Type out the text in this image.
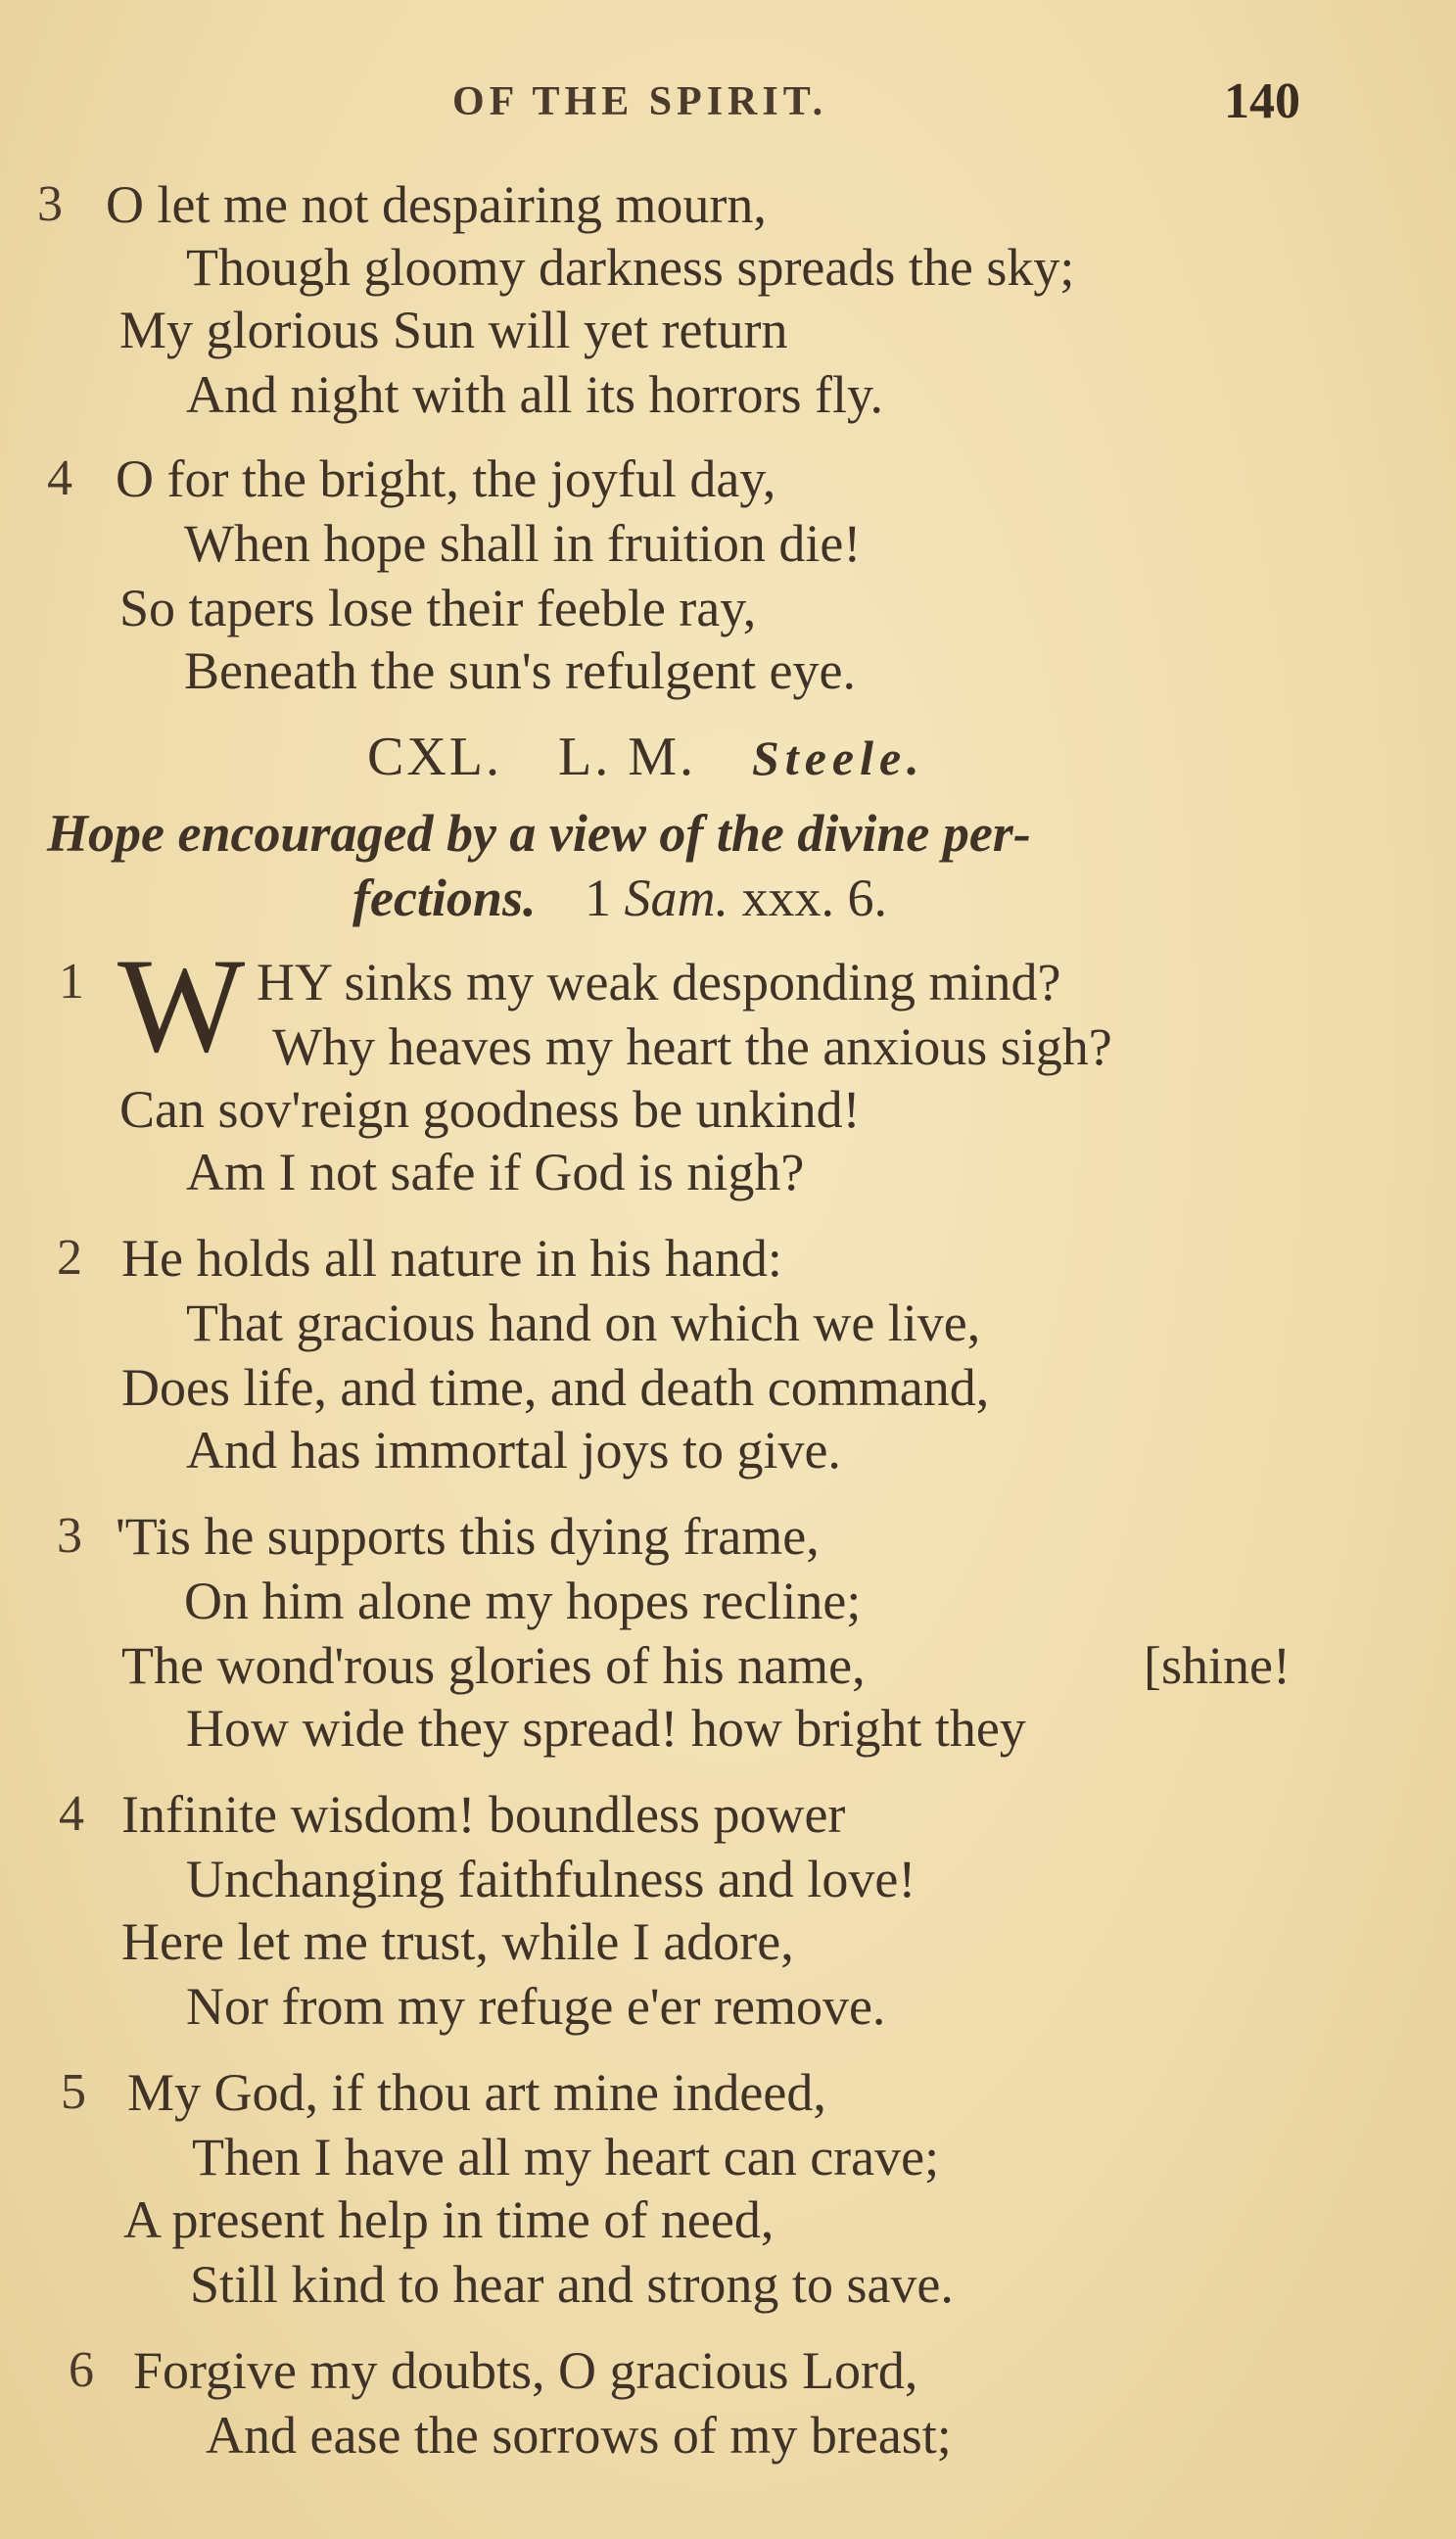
OF THE SPIRIT.	140
3 O let me not despairing mourn,
Though gloomy darkness spreads the sky;
My glorious Sun will yet return
And night with all its horrors fly.
4 O for the bright, the joyful day,
When hope shall in fruition die!
So tapers lose their feeble ray,
Beneath the sun's refulgent eye.
CXL. L. M. Steele.
Hope encouraged by a view of the divine per-
fections. 1 Sam. xxx. 6.
1 W HY sinks my weak desponding mind?
Why heaves my heart the anxious sigh?
Can sov'reign goodness be unkind!
Am I not safe if God is nigh?
2 He holds all nature in his hand:
That gracious hand on which we live,
Does life, and time, and death command,
And has immortal joys to give.
3 'Tis he supports this dying frame,
On him alone my hopes recline;
The wond'rous glories of his name,	[shine!
How wide they spread! how bright they
4 Infinite wisdom! boundless power
Unchanging faithfulness and love!
Here let me trust, while I adore,
Nor from my refuge e'er remove.
5 My God, if thou art mine indeed,
Then I have all my heart can crave;
A present help in time of need,
Still kind to hear and strong to save.
6 Forgive my doubts, O gracious Lord,
And ease the sorrows of my breast;
